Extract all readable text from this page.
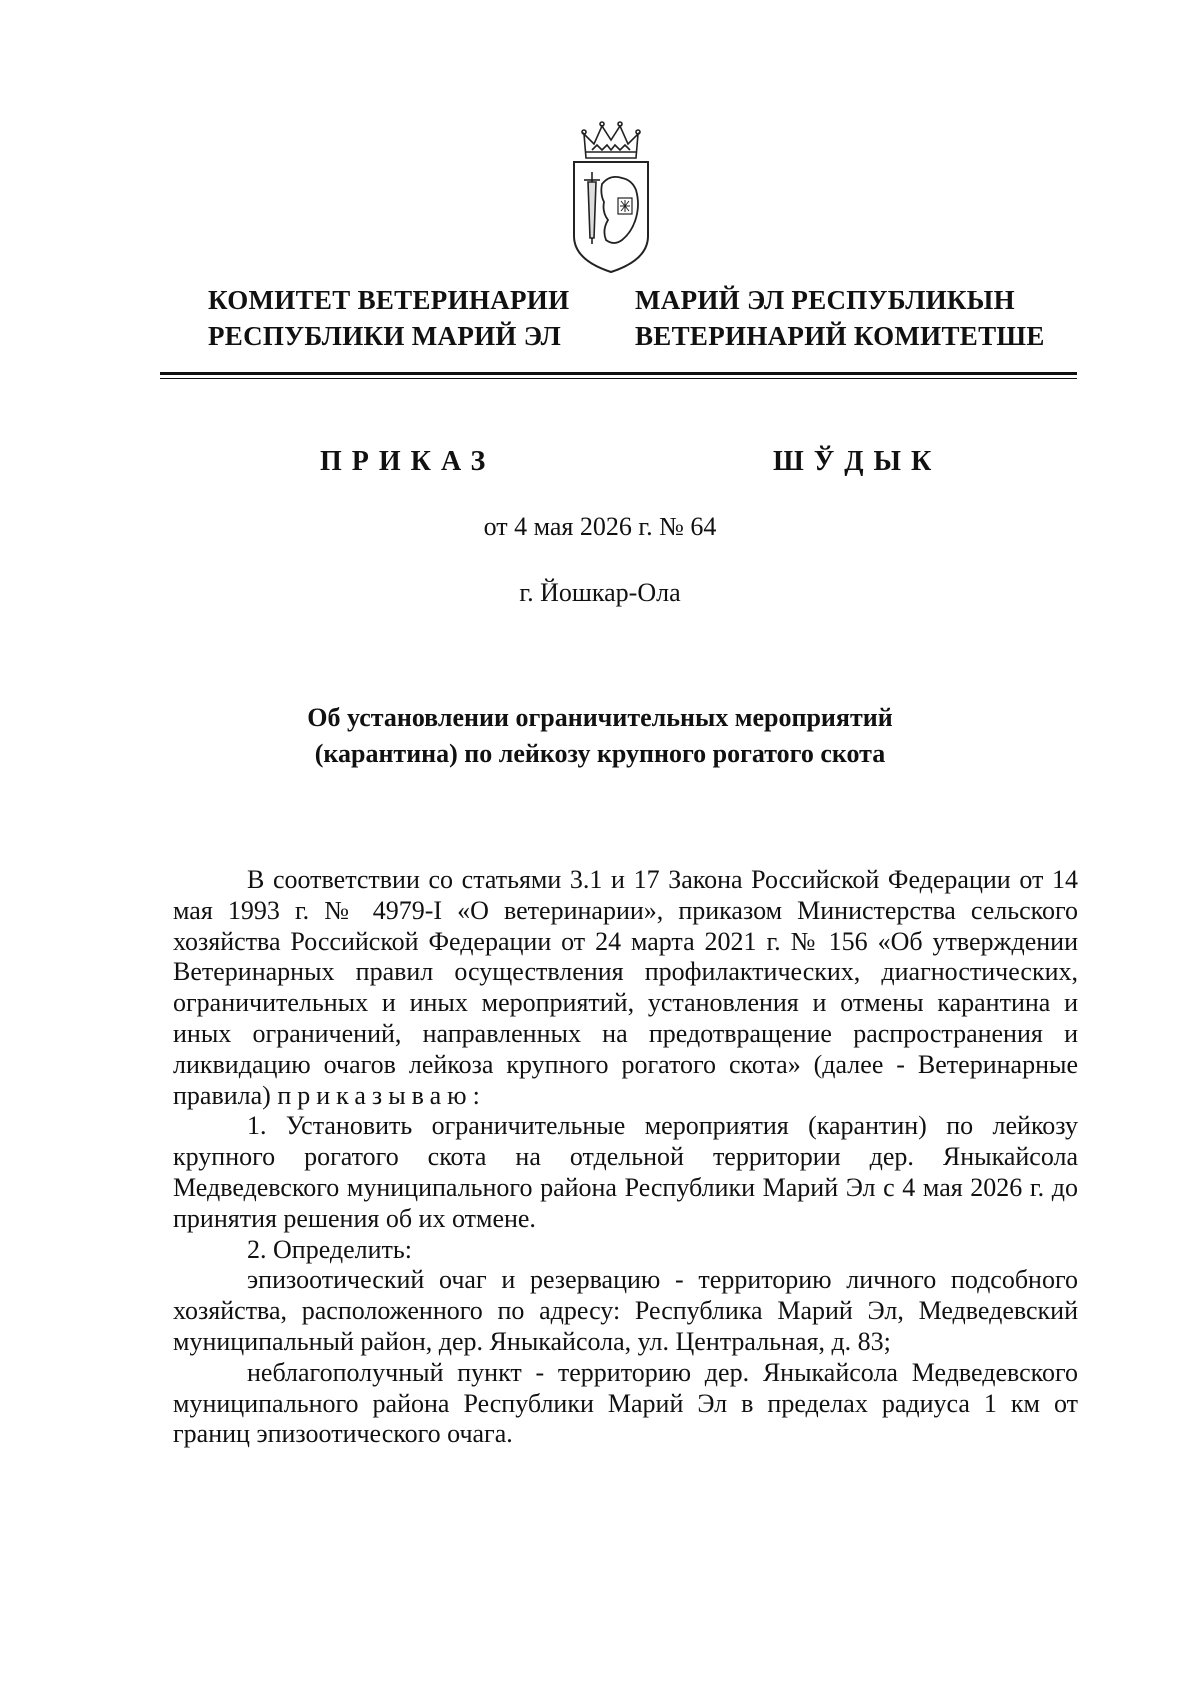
КОМИТЕТ ВЕТЕРИНАРИИ
РЕСПУБЛИКИ МАРИЙ ЭЛ
МАРИЙ ЭЛ РЕСПУБЛИКЫН
ВЕТЕРИНАРИЙ КОМИТЕТШЕ
ПРИКАЗ	ШЎДЫК
от 4 мая 2026 г. № 64
г. Йошкар-Ола
Об установлении ограничительных мероприятий
(карантина) по лейкозу крупного рогатого скота

В соответствии со статьями 3.1 и 17 Закона Российской Федерации от 14 мая 1993 г. № 4979-I «О ветеринарии», приказом Министерства сельского хозяйства Российской Федерации от 24 марта 2021 г. № 156 «Об утверждении Ветеринарных правил осуществления профилактических, диагностических, ограничительных и иных мероприятий, установления и отмены карантина и иных ограничений, направленных на предотвращение распространения и ликвидацию очагов лейкоза крупного рогатого скота» (далее - Ветеринарные правила) приказываю:

1. Установить ограничительные мероприятия (карантин) по лейкозу крупного рогатого скота на отдельной территории дер. Яныкайсола Медведевского муниципального района Республики Марий Эл с 4 мая 2026 г. до принятия решения об их отмене.

2. Определить:

эпизоотический очаг и резервацию - территорию личного подсобного хозяйства, расположенного по адресу: Республика Марий Эл, Медведевский муниципальный район, дер. Яныкайсола, ул. Центральная, д. 83;

неблагополучный пункт - территорию дер. Яныкайсола Медведевского муниципального района Республики Марий Эл в пределах радиуса 1 км от границ эпизоотического очага.
